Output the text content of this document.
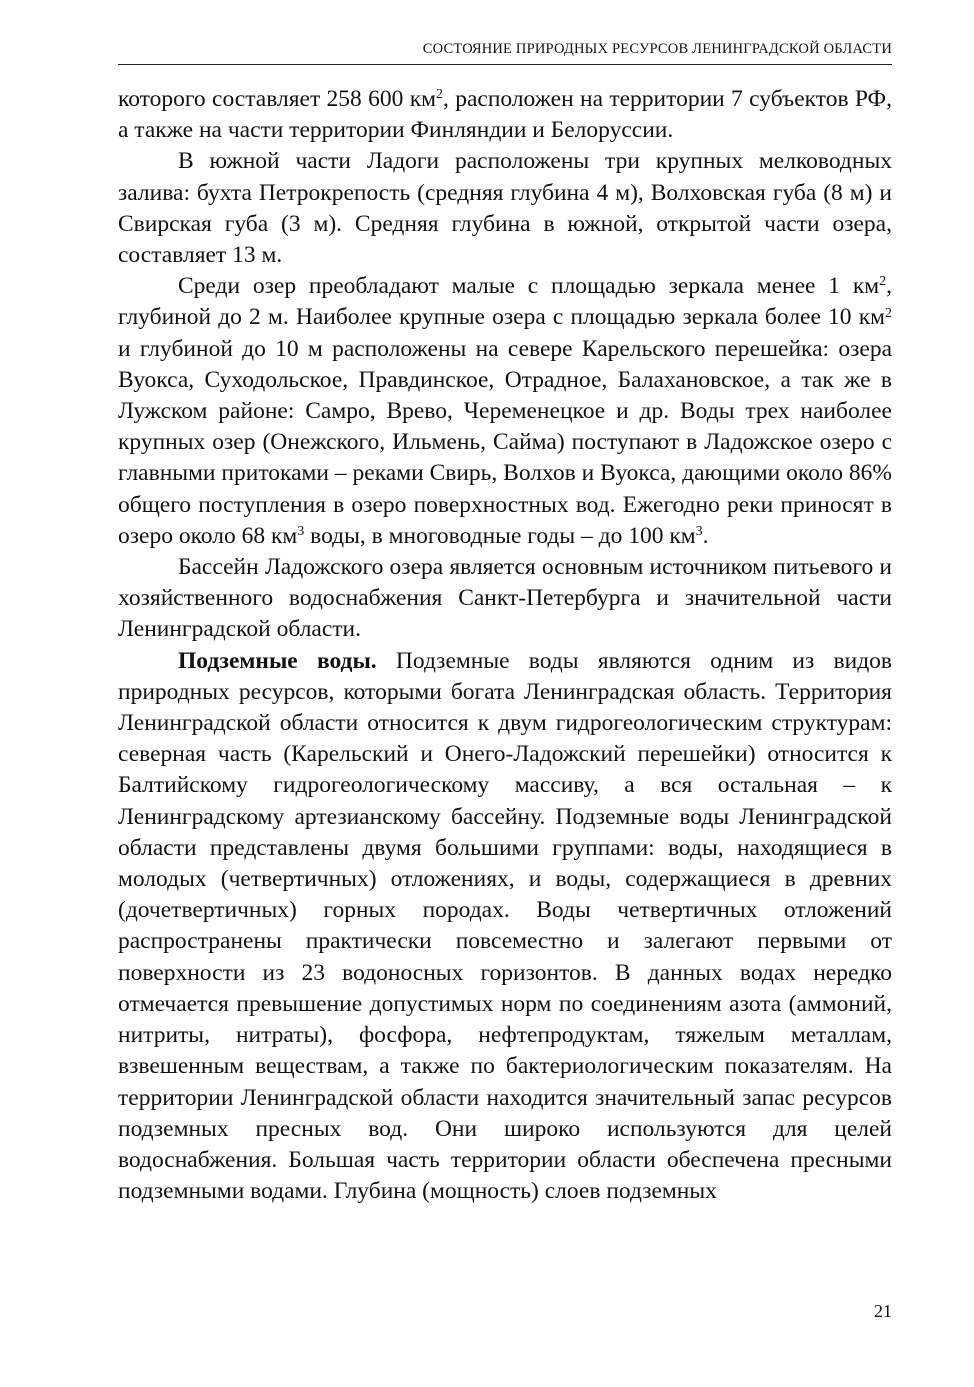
СОСТОЯНИЕ ПРИРОДНЫХ РЕСУРСОВ ЛЕНИНГРАДСКОЙ ОБЛАСТИ

которого составляет 258 600 $км^2$, расположен на территории 7 субъектов РФ, а также на части территории Финляндии и Белоруссии.

В южной части Ладоги расположены три крупных мелководных залива: бухта Петрокрепость (средняя глубина 4 м), Волховская губа (8 м) и Свирская губа (3 м). Средняя глубина в южной, открытой части озера, составляет 13 м.

Среди озер преобладают малые с площадью зеркала менее 1 $км^2$, глубиной до 2 м. Наиболее крупные озера с площадью зеркала более 10 $км^2$ и глубиной до 10 м расположены на севере Карельского перешейка: озера Вуокса, Суходольское, Правдинское, Отрадное, Балахановское, а так же в Лужском районе: Самро, Врево, Череменецкое и др. Воды трех наиболее крупных озер (Онежского, Ильмень, Сайма) поступают в Ладожское озеро с главными притоками – реками Свирь, Волхов и Вуокса, дающими около 86% общего поступления в озеро поверхностных вод. Ежегодно реки приносят в озеро около 68 $км^3$ воды, в многоводные годы – до 100 $км^3$.

Бассейн Ладожского озера является основным источником питьевого и хозяйственного водоснабжения Санкт-Петербурга и значительной части Ленинградской области.

Подземные воды. Подземные воды являются одним из видов природных ресурсов, которыми богата Ленинградская область. Территория Ленинградской области относится к двум гидрогеологическим структурам: северная часть (Карельский и Онего-Ладожский перешейки) относится к Балтийскому гидрогеологическому массиву, а вся остальная – к Ленинградскому артезианскому бассейну. Подземные воды Ленинградской области представлены двумя большими группами: воды, находящиеся в молодых (четвертичных) отложениях, и воды, содержащиеся в древних (дочетвертичных) горных породах. Воды четвертичных отложений распространены практически повсеместно и залегают первыми от поверхности из 23 водоносных горизонтов. В данных водах нередко отмечается превышение допустимых норм по соединениям азота (аммоний, нитриты, нитраты), фосфора, нефтепродуктам, тяжелым металлам, взвешенным веществам, а также по бактериологическим показателям. На территории Ленинградской области находится значительный запас ресурсов подземных пресных вод. Они широко используются для целей водоснабжения. Большая часть территории области обеспечена пресными подземными водами. Глубина (мощность) слоев подземных

21
